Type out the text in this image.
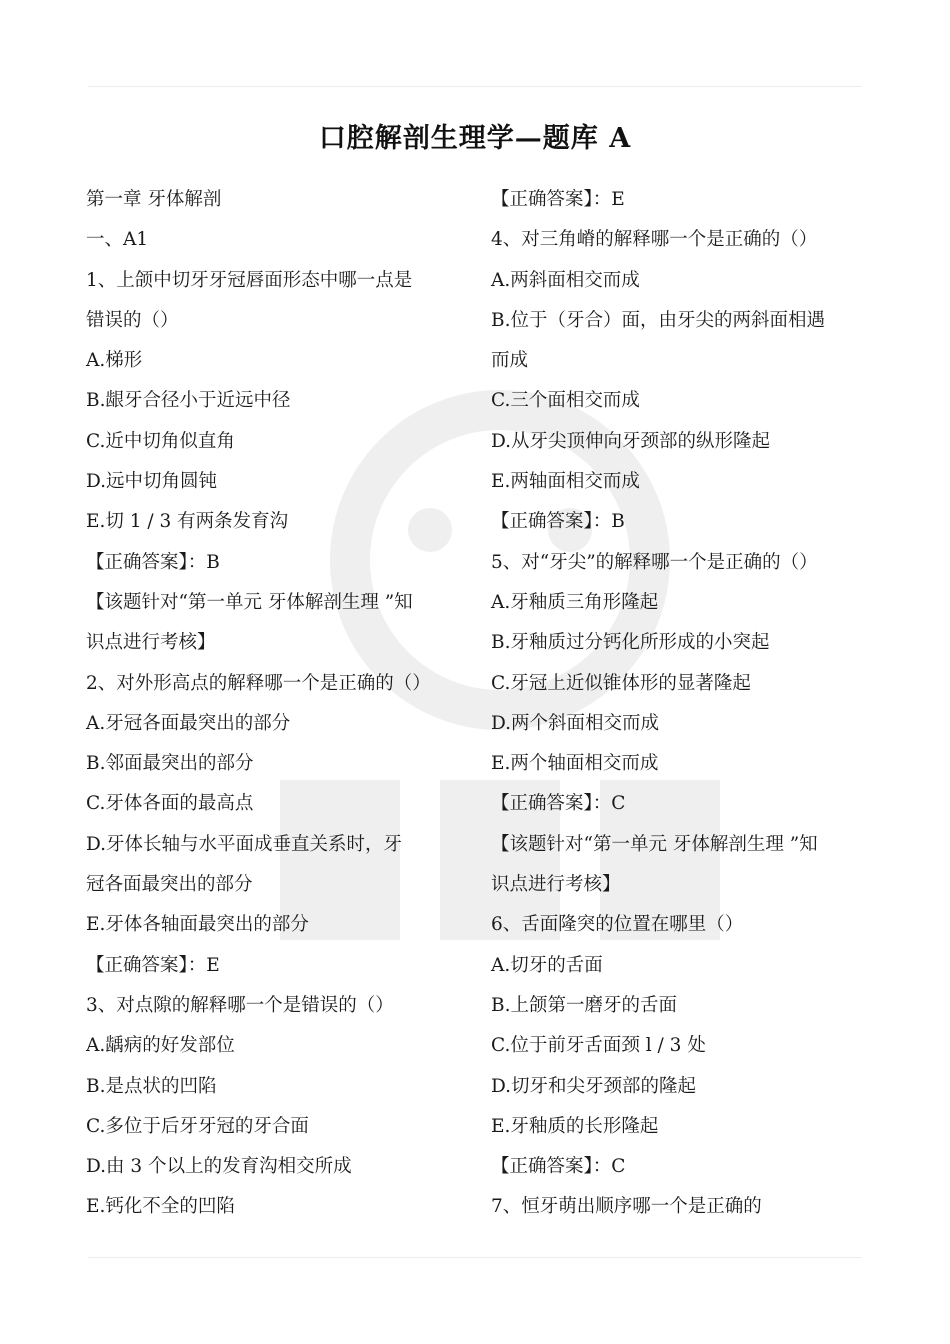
口腔解剖生理学—题库 A
第一章 牙体解剖
一、A1
1、上颌中切牙牙冠唇面形态中哪一点是
错误的（）
A.梯形
B.龈牙合径小于近远中径
C.近中切角似直角
D.远中切角圆钝
E.切 1 / 3 有两条发育沟
【正确答案】：B
【该题针对“第一单元 牙体解剖生理 ”知
识点进行考核】
2、对外形高点的解释哪一个是正确的（）
A.牙冠各面最突出的部分
B.邻面最突出的部分
C.牙体各面的最高点
D.牙体长轴与水平面成垂直关系时，牙
冠各面最突出的部分
E.牙体各轴面最突出的部分
【正确答案】：E
3、对点隙的解释哪一个是错误的（）
A.龋病的好发部位
B.是点状的凹陷
C.多位于后牙牙冠的牙合面
D.由 3 个以上的发育沟相交所成
E.钙化不全的凹陷
【正确答案】：E
4、对三角嵴的解释哪一个是正确的（）
A.两斜面相交而成
B.位于（牙合）面，由牙尖的两斜面相遇
而成
C.三个面相交而成
D.从牙尖顶伸向牙颈部的纵形隆起
E.两轴面相交而成
【正确答案】：B
5、对“牙尖”的解释哪一个是正确的（）
A.牙釉质三角形隆起
B.牙釉质过分钙化所形成的小突起
C.牙冠上近似锥体形的显著隆起
D.两个斜面相交而成
E.两个轴面相交而成
【正确答案】：C
【该题针对“第一单元 牙体解剖生理 ”知
识点进行考核】
6、舌面隆突的位置在哪里（）
A.切牙的舌面
B.上颌第一磨牙的舌面
C.位于前牙舌面颈 l / 3 处
D.切牙和尖牙颈部的隆起
E.牙釉质的长形隆起
【正确答案】：C
7、恒牙萌出顺序哪一个是正确的
